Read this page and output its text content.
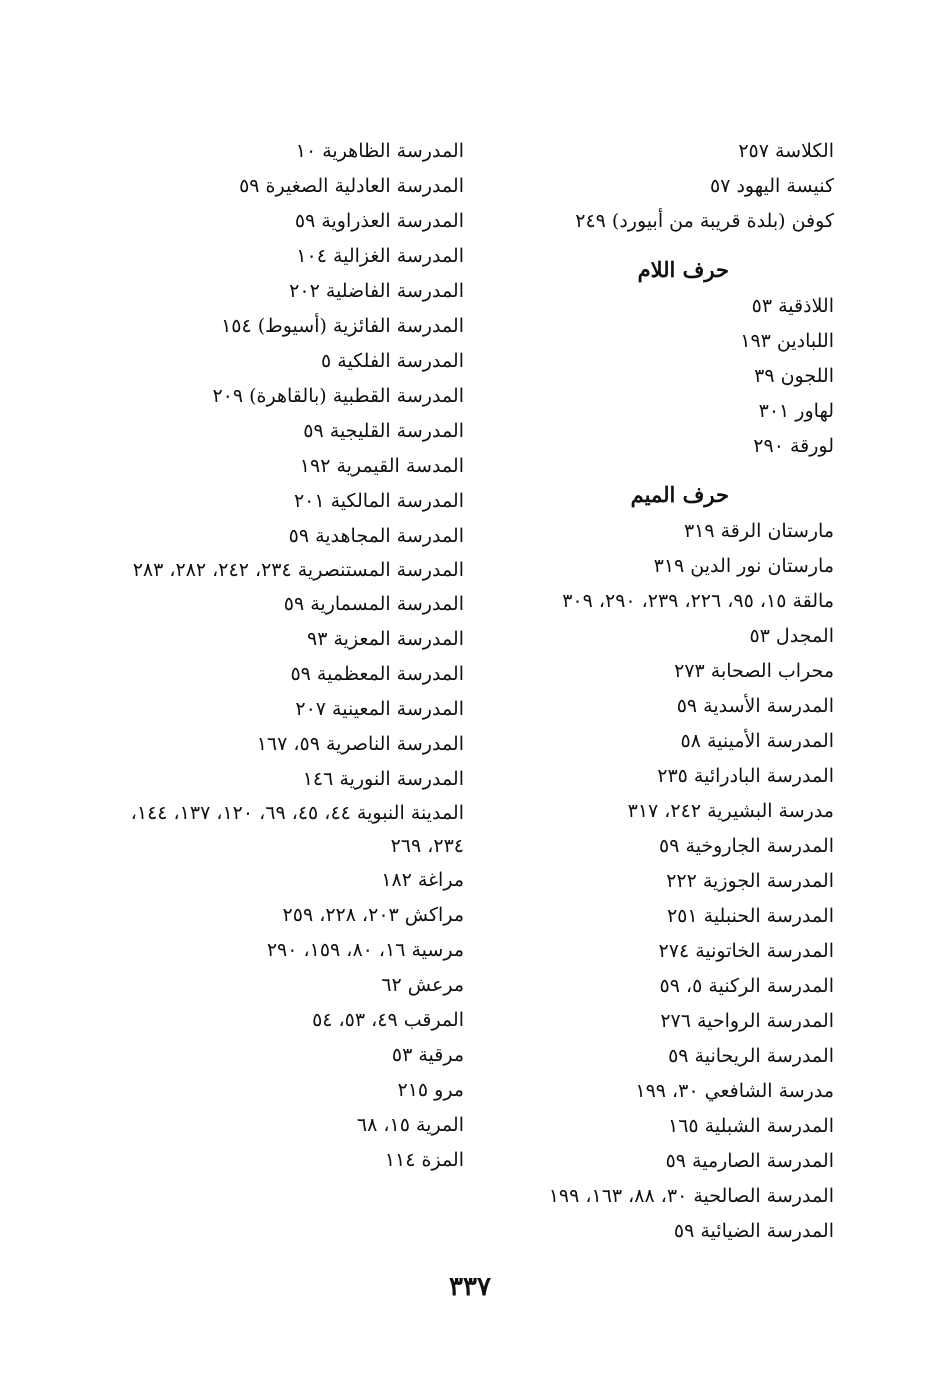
الكلاسة ٢٥٧
كنيسة اليهود ٥٧
كوفن (بلدة قريبة من أبيورد) ٢٤٩
حرف اللام
اللاذقية ٥٣
اللبادين ١٩٣
اللجون ٣٩
لهاور ٣٠١
لورقة ٢٩٠
حرف الميم
مارستان الرقة ٣١٩
مارستان نور الدين ٣١٩
مالقة ١٥، ٩٥، ٢٢٦، ٢٣٩، ٢٩٠، ٣٠٩
المجدل ٥٣
محراب الصحابة ٢٧٣
المدرسة الأسدية ٥٩
المدرسة الأمينية ٥٨
المدرسة البادرائية ٢٣٥
مدرسة البشيرية ٢٤٢، ٣١٧
المدرسة الجاروخية ٥٩
المدرسة الجوزية ٢٢٢
المدرسة الحنبلية ٢٥١
المدرسة الخاتونية ٢٧٤
المدرسة الركنية ٥، ٥٩
المدرسة الرواحية ٢٧٦
المدرسة الريحانية ٥٩
مدرسة الشافعي ٣٠، ١٩٩
المدرسة الشبلية ١٦٥
المدرسة الصارمية ٥٩
المدرسة الصالحية ٣٠، ٨٨، ١٦٣، ١٩٩
المدرسة الضيائية ٥٩
المدرسة الظاهرية ١٠
المدرسة العادلية الصغيرة ٥٩
المدرسة العذراوية ٥٩
المدرسة الغزالية ١٠٤
المدرسة الفاضلية ٢٠٢
المدرسة الفائزية (أسيوط) ١٥٤
المدرسة الفلكية ٥
المدرسة القطبية (بالقاهرة) ٢٠٩
المدرسة القليجية ٥٩
المدسة القيمرية ١٩٢
المدرسة المالكية ٢٠١
المدرسة المجاهدية ٥٩
المدرسة المستنصرية ٢٣٤، ٢٤٢، ٢٨٢، ٢٨٣
المدرسة المسمارية ٥٩
المدرسة المعزية ٩٣
المدرسة المعظمية ٥٩
المدرسة المعينية ٢٠٧
المدرسة الناصرية ٥٩، ١٦٧
المدرسة النورية ١٤٦
المدينة النبوية ٤٤، ٤٥، ٦٩، ١٢٠، ١٣٧، ١٤٤، ٢٣٤، ٢٦٩
مراغة ١٨٢
مراكش ٢٠٣، ٢٢٨، ٢٥٩
مرسية ١٦، ٨٠، ١٥٩، ٢٩٠
مرعش ٦٢
المرقب ٤٩، ٥٣، ٥٤
مرقية ٥٣
مرو ٢١٥
المرية ١٥، ٦٨
المزة ١١٤
٣٣٧
